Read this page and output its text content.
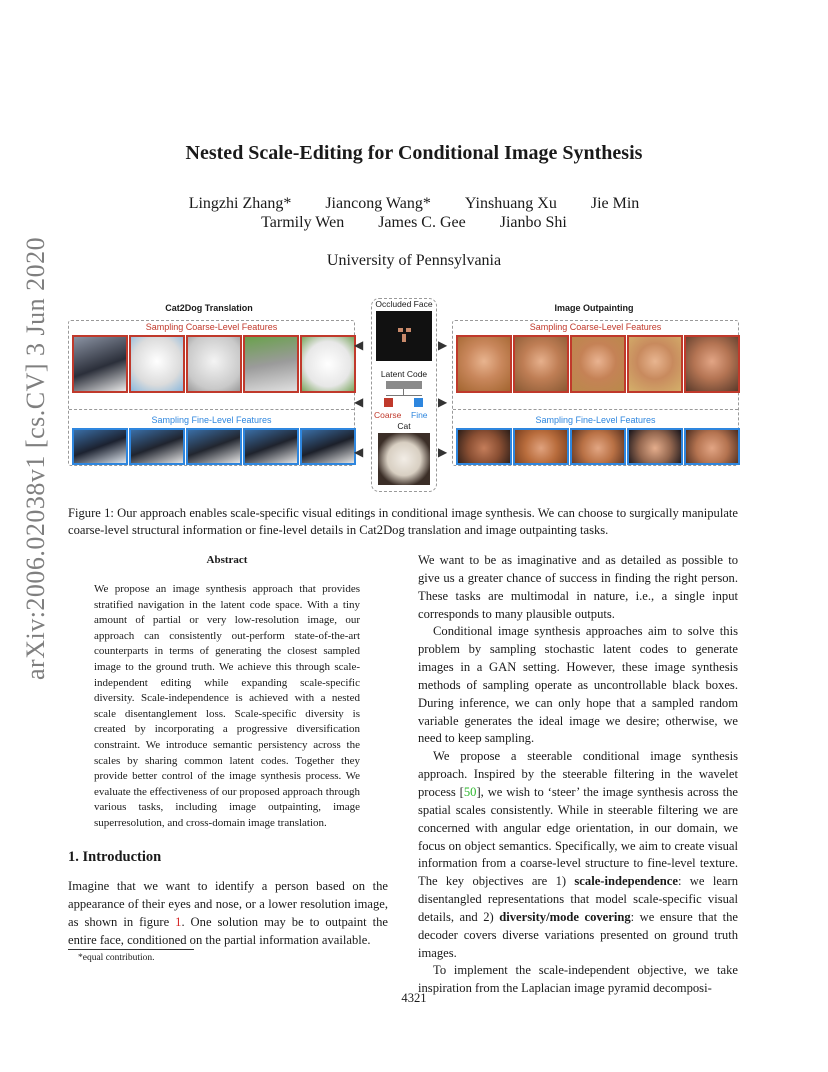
arXiv:2006.02038v1 [cs.CV] 3 Jun 2020
Nested Scale-Editing for Conditional Image Synthesis
Lingzhi Zhang* Jiancong Wang* Yinshuang Xu Jie Min
Tarmily Wen James C. Gee Jianbo Shi
University of Pennsylvania
Cat2Dog Translation
Sampling Coarse-Level Features
Sampling Fine-Level Features
◀
◀
◀
Occluded Face
Latent Code
Coarse Fine
Cat
▶
▶
▶
Image Outpainting
Sampling Coarse-Level Features
Sampling Fine-Level Features
Figure 1: Our approach enables scale-specific visual editings in conditional image synthesis. We can choose to surgically manipulate coarse-level structural information or fine-level details in Cat2Dog translation and image outpainting tasks.
Abstract
We propose an image synthesis approach that provides stratified navigation in the latent code space. With a tiny amount of partial or very low-resolution image, our approach can consistently out-perform state-of-the-art counterparts in terms of generating the closest sampled image to the ground truth. We achieve this through scale-independent editing while expanding scale-specific diversity. Scale-independence is achieved with a nested scale disentanglement loss. Scale-specific diversity is created by incorporating a progressive diversification constraint. We introduce semantic persistency across the scales by sharing common latent codes. Together they provide better control of the image synthesis process. We evaluate the effectiveness of our proposed approach through various tasks, including image outpainting, image superresolution, and cross-domain image translation.
1. Introduction
Imagine that we want to identify a person based on the appearance of their eyes and nose, or a lower resolution image, as shown in figure 1. One solution may be to outpaint the entire face, conditioned on the partial information available.
*equal contribution.

We want to be as imaginative and as detailed as possible to give us a greater chance of success in finding the right person. These tasks are multimodal in nature, i.e., a single input corresponds to many plausible outputs.

Conditional image synthesis approaches aim to solve this problem by sampling stochastic latent codes to generate images in a GAN setting. However, these image synthesis methods of sampling operate as uncontrollable black boxes. During inference, we can only hope that a sampled random variable generates the ideal image we desire; otherwise, we need to keep sampling.

We propose a steerable conditional image synthesis approach. Inspired by the steerable filtering in the wavelet process [50], we wish to ‘steer’ the image synthesis across the spatial scales consistently. While in steerable filtering we are concerned with angular edge orientation, in our domain, we focus on object semantics. Specifically, we aim to create visual information from a coarse-level structure to fine-level texture. The key objectives are 1) scale-independence: we learn disentangled representations that model scale-specific visual details, and 2) diversity/mode covering: we ensure that the decoder covers diverse variations presented on ground truth images.

To implement the scale-independent objective, we take inspiration from the Laplacian image pyramid decomposi-

4321
